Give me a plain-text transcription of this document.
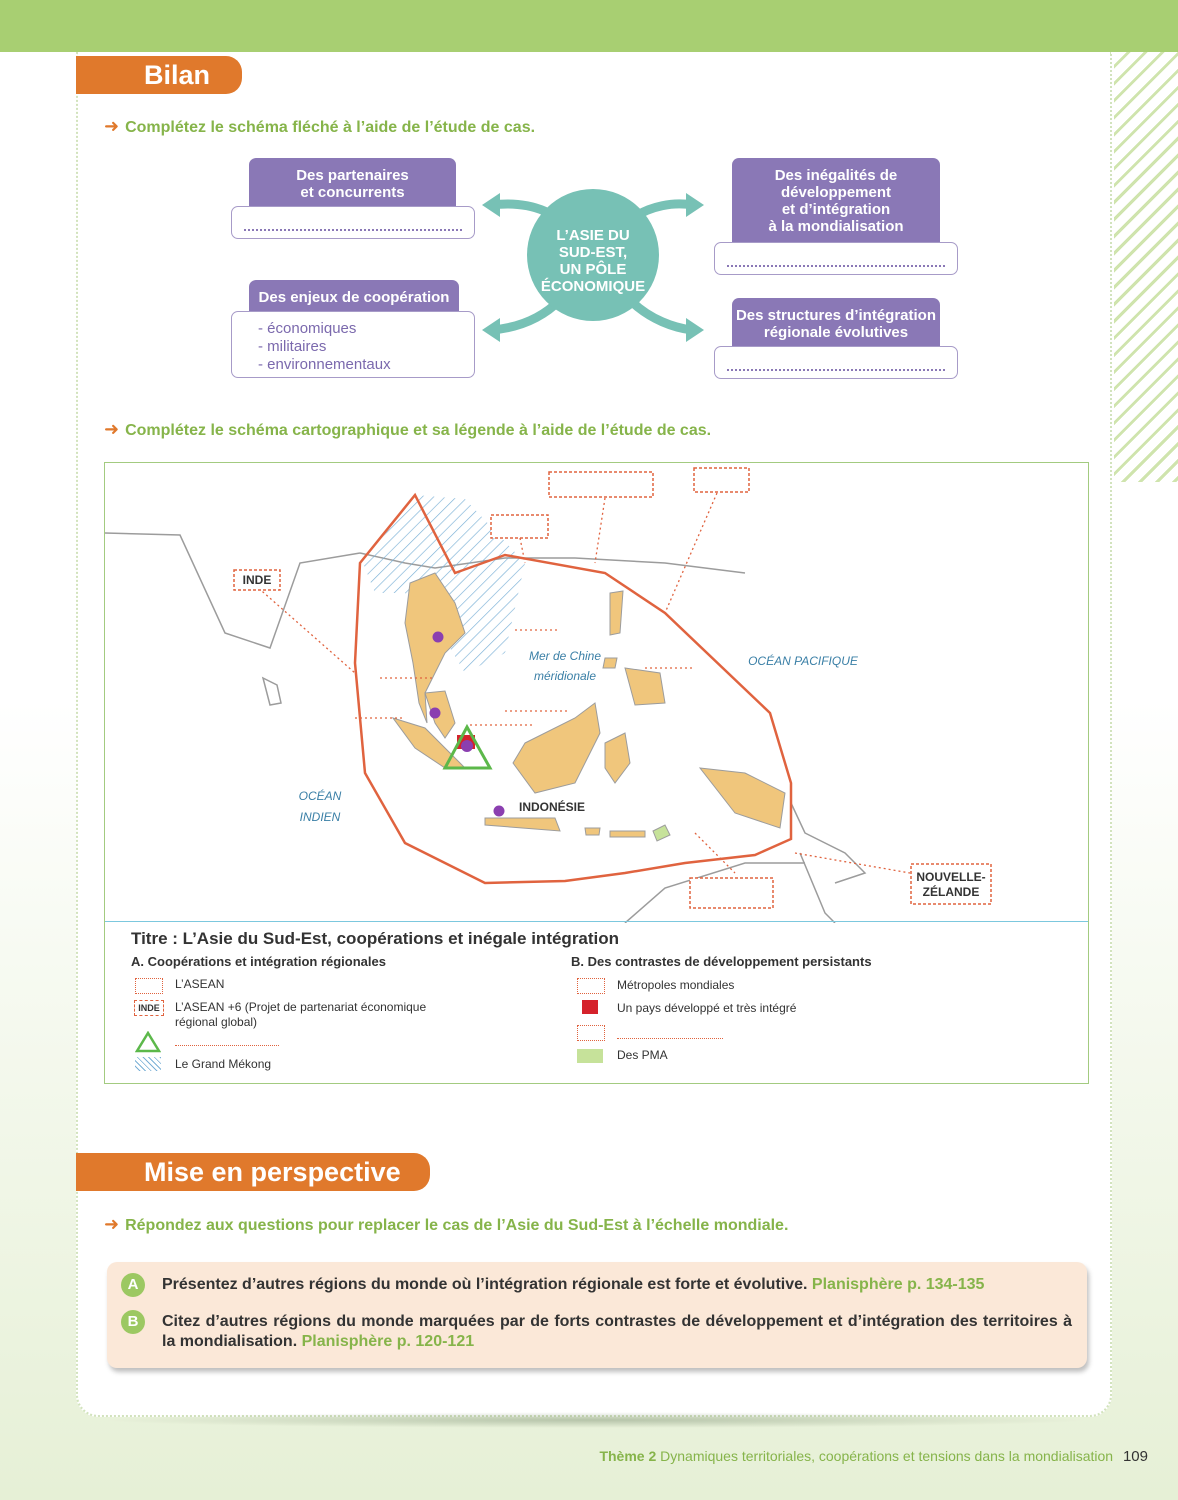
Bilan
➜ Complétez le schéma fléché à l’aide de l’étude de cas.
L’ASIE DU
SUD-EST,
UN PÔLE
ÉCONOMIQUE
Des partenaires
et concurrents
Des enjeux de coopération
- économiques
- militaires
- environnementaux
Des inégalités de
développement
et d’intégration
à la mondialisation
Des structures d’intégration
régionale évolutives
➜ Complétez le schéma cartographique et sa légende à l’aide de l’étude de cas.
INDE
Mer de Chine
méridionale
OCÉAN PACIFIQUE
OCÉAN
INDIEN
INDONÉSIE
NOUVELLE-
ZÉLANDE
Titre : L’Asie du Sud-Est, coopérations et inégale intégration
A. Coopérations et intégration régionales	B. Des contrastes de développement persistants
L’ASEAN
INDE	L’ASEAN +6 (Projet de partenariat économique
régional global)
Le Grand Mékong
Métropoles mondiales
Un pays développé et très intégré
Des PMA
Mise en perspective
➜ Répondez aux questions pour replacer le cas de l’Asie du Sud-Est à l’échelle mondiale.
A	Présentez d’autres régions du monde où l’intégration régionale est forte et évolutive. Planisphère p. 134-135
B	Citez d’autres régions du monde marquées par de forts contrastes de développement et d’intégration des territoires à la mondialisation. Planisphère p. 120-121
Thème 2 Dynamiques territoriales, coopérations et tensions dans la mondialisation 109
